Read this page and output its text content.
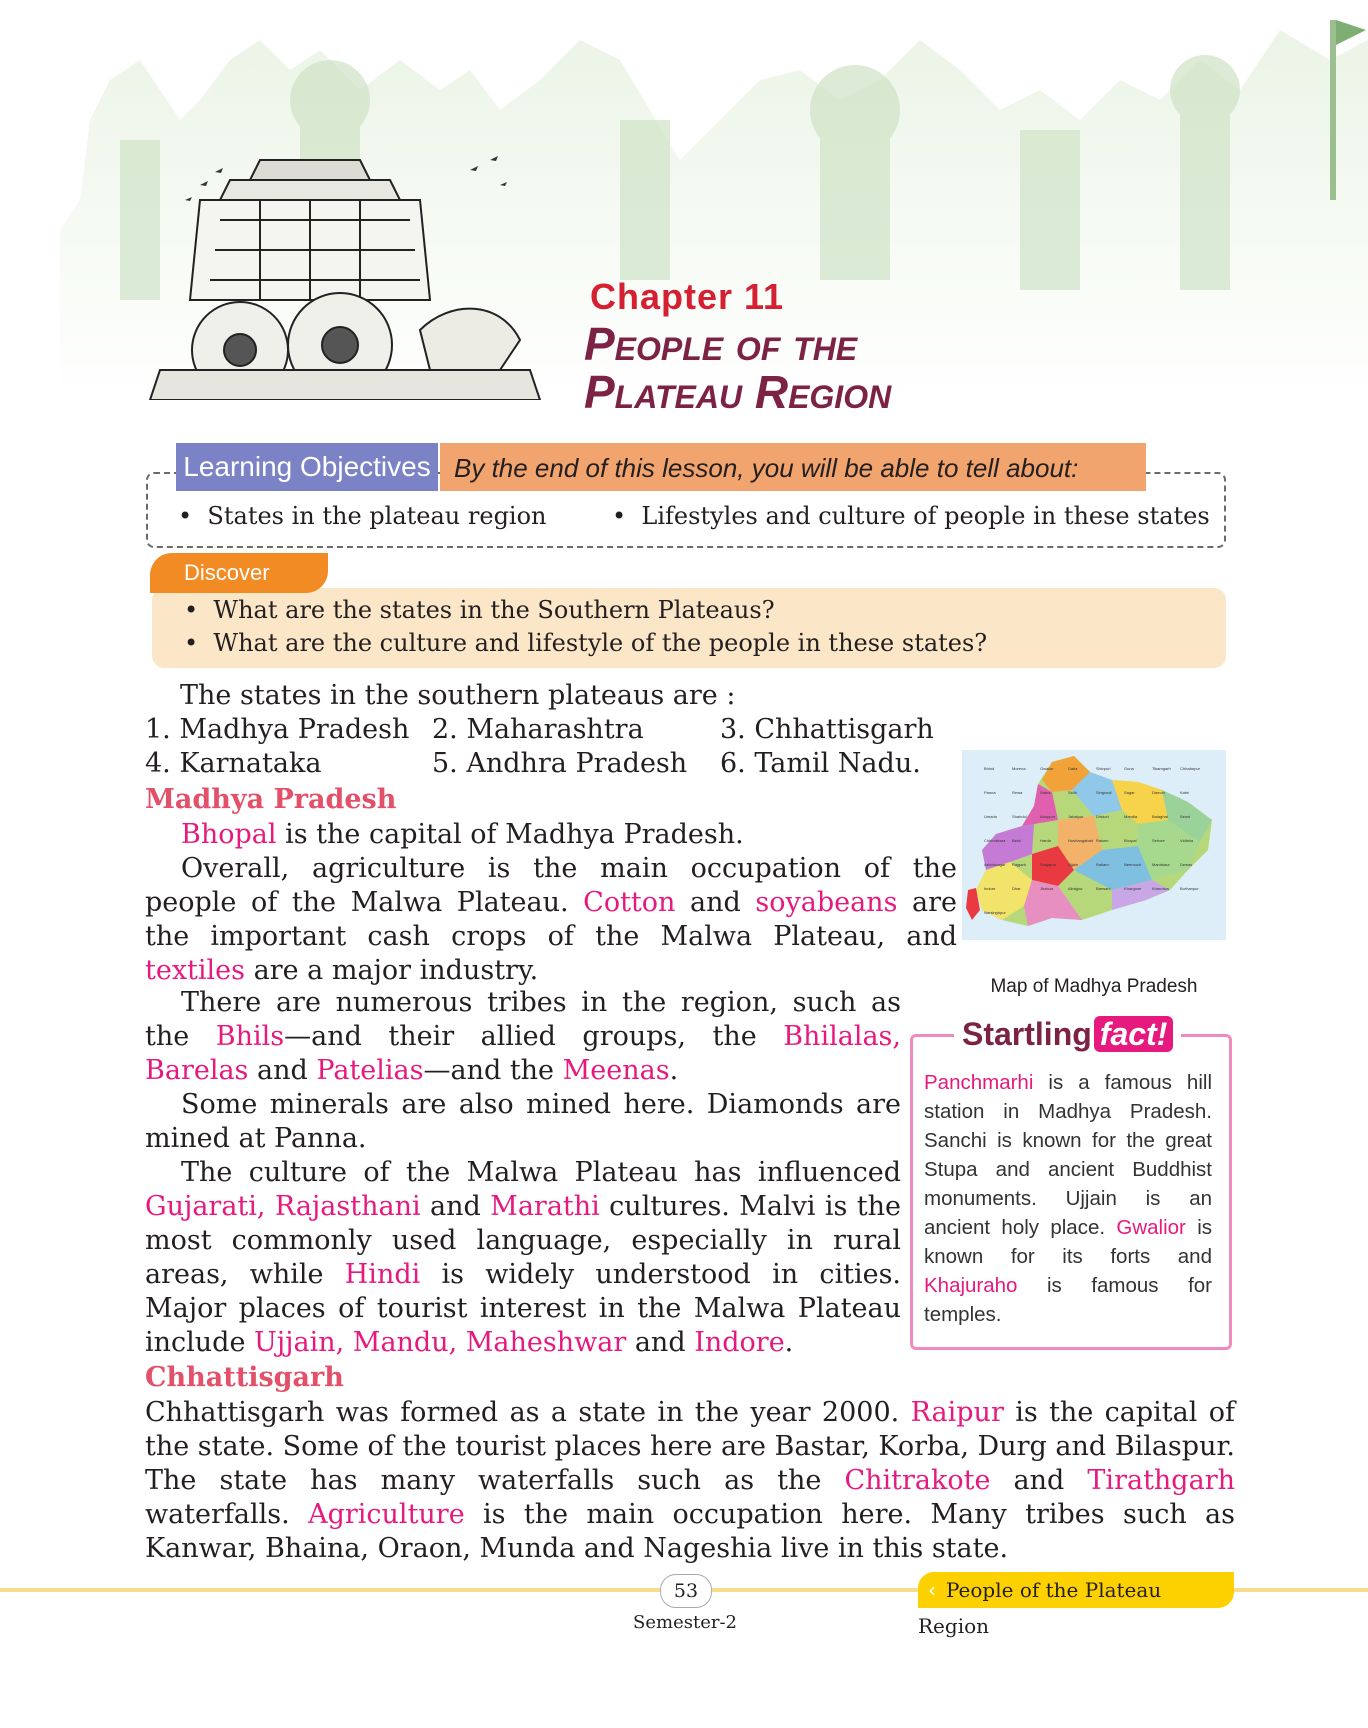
Chapter 11
People of the
Plateau Region
Learning Objectives By the end of this lesson, you will be able to tell about:
•  States in the plateau region	•  Lifestyles and culture of people in these states
Discover
•  What are the states in the Southern Plateaus?
•  What are the culture and lifestyle of the people in these states?
The states in the southern plateaus are :
1. Madhya Pradesh 2. Maharashtra	3. Chhattisgarh
4. Karnataka	5. Andhra Pradesh 6. Tamil Nadu.
Madhya Pradesh
Bhopal is the capital of Madhya Pradesh.
Overall, agriculture is the main occupation of the people of the Malwa Plateau. Cotton and soyabeans are the important cash crops of the Malwa Plateau, and textiles are a major industry.
There are numerous tribes in the region, such as the Bhils—and their allied groups, the Bhilalas, Barelas and Patelias—and the Meenas.
Some minerals are also mined here. Diamonds are mined at Panna.
The culture of the Malwa Plateau has influenced Gujarati, Rajasthani and Marathi cultures. Malvi is the most commonly used language, especially in rural areas, while Hindi is widely understood in cities. Major places of tourist interest in the Malwa Plateau include Ujjain, Mandu, Maheshwar and Indore.
Bhind	Morena	Gwalior	Datia	Shivpuri	Guna	Tikamgarh Chhatarpur
Panna	Rewa	Satna	Sidhi	Singrauli	Sagar	Damoh	Katni
Umaria	Shahdol	Anuppur	Jabalpur	Dindori	Mandla	Balaghat	Seoni
Chhindwara Betul	Harda	Hoshangabad Raisen	Bhopal	Sehore	Vidisha
Ashoknagar Rajgarh	Shajapur	Ujjain	Ratlam	Neemuch	Mandsaur	Dewas
Indore	Dhar	Jhabua	Alirajpur	Barwani	Khargone	Khandwa	Burhanpur
Narsinghpur
Map of Madhya Pradesh
Startling fact!
Panchmarhi is a famous hill station in Madhya Pradesh. Sanchi is known for the great Stupa and ancient Buddhist monuments. Ujjain is an ancient holy place. Gwalior is known for its forts and Khajuraho is famous for temples.
Chhattisgarh
Chhattisgarh was formed as a state in the year 2000. Raipur is the capital of the state. Some of the tourist places here are Bastar, Korba, Durg and Bilaspur. The state has many waterfalls such as the Chitrakote and Tirathgarh waterfalls. Agriculture is the main occupation here. Many tribes such as Kanwar, Bhaina, Oraon, Munda and Nageshia live in this state.
53	‹ People of the Plateau Region
Semester-2
